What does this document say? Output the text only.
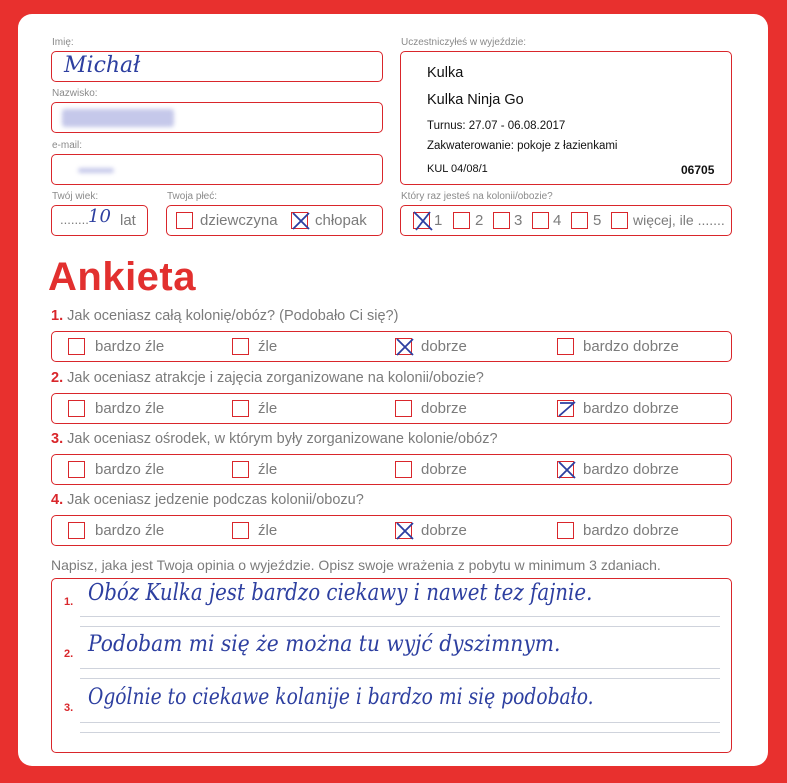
Imię:
Michał
Nazwisko:
e-mail:
Twój wiek:
........ 10 lat
Twoja płeć:
dziewczyna chłopak
Uczestniczyłeś w wyjeździe:
Kulka
Kulka Ninja Go
Turnus: 27.07 - 06.08.2017
Zakwaterowanie: pokoje z łazienkami
KUL 04/08/1	06705
Który raz jesteś na kolonii/obozie?
1 2 3 4 5 więcej, ile .......
Ankieta
1. Jak oceniasz całą kolonię/obóz? (Podobało Ci się?)
bardzo źle	źle	dobrze	bardzo dobrze
2. Jak oceniasz atrakcje i zajęcia zorganizowane na kolonii/obozie?
bardzo źle	źle	dobrze	bardzo dobrze
3. Jak oceniasz ośrodek, w którym były zorganizowane kolonie/obóz?
bardzo źle	źle	dobrze	bardzo dobrze
4. Jak oceniasz jedzenie podczas kolonii/obozu?
bardzo źle	źle	dobrze	bardzo dobrze
Napisz, jaka jest Twoja opinia o wyjeździe. Opisz swoje wrażenia z pobytu w minimum 3 zdaniach.
1. Obóz Kulka jest bardzo ciekawy i nawet tez fajnie.
2. Podobam mi się że można tu wyjć dyszimnym.
3. Ogólnie to ciekawe kolanije i bardzo mi się podobało.
